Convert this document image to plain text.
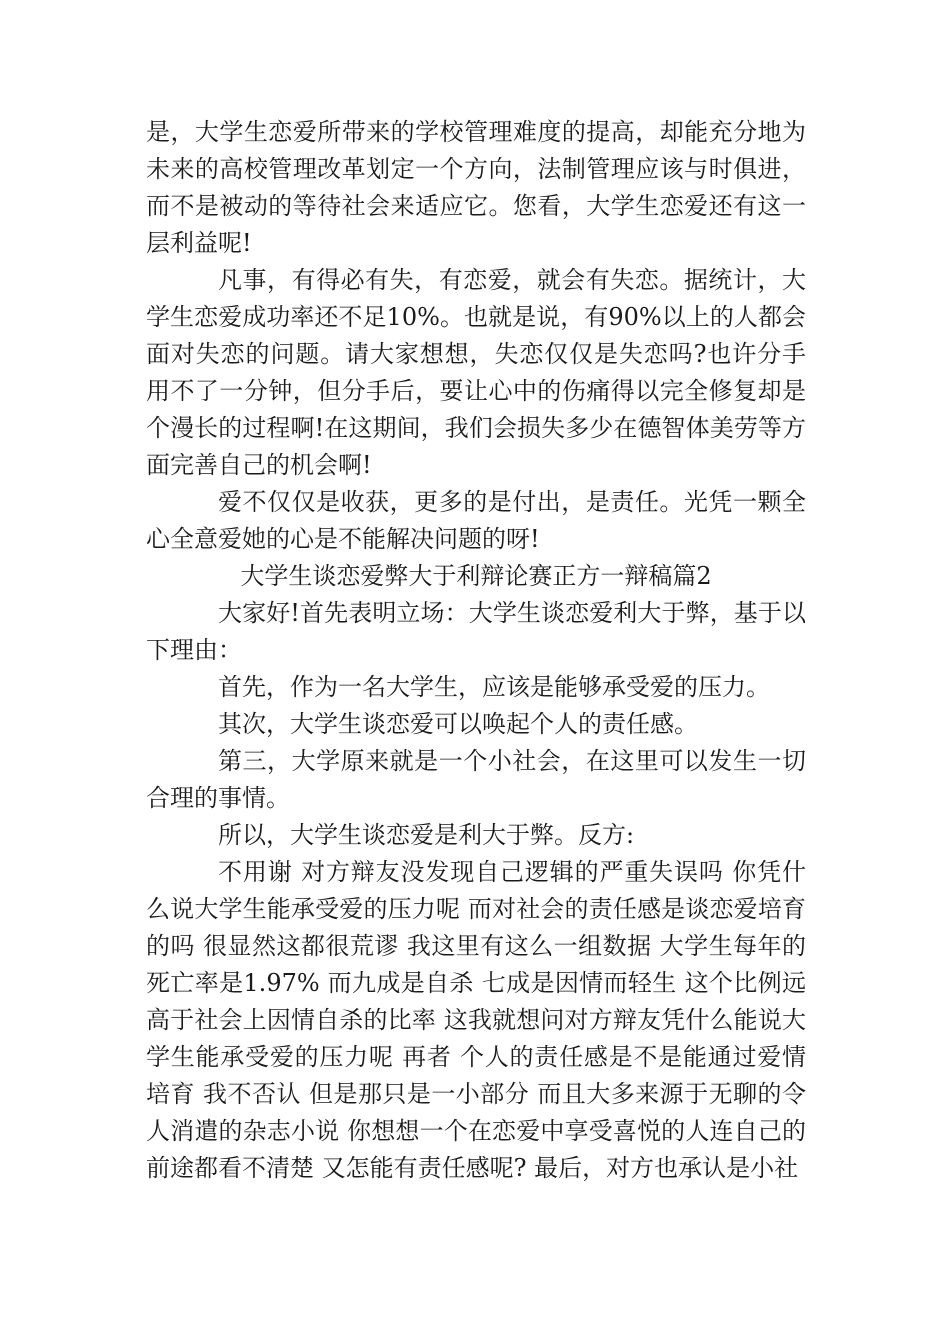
是，大学生恋爱所带来的学校管理难度的提高，却能充分地为未来的高校管理改革划定一个方向，法制管理应该与时俱进，而不是被动的等待社会来适应它。您看，大学生恋爱还有这一层利益呢!

凡事，有得必有失，有恋爱，就会有失恋。据统计，大学生恋爱成功率还不足10%。也就是说，有90%以上的人都会面对失恋的问题。请大家想想，失恋仅仅是失恋吗?也许分手用不了一分钟，但分手后，要让心中的伤痛得以完全修复却是个漫长的过程啊!在这期间，我们会损失多少在德智体美劳等方面完善自己的机会啊!

爱不仅仅是收获，更多的是付出，是责任。光凭一颗全心全意爱她的心是不能解决问题的呀!

大学生谈恋爱弊大于利辩论赛正方一辩稿篇2

大家好!首先表明立场：大学生谈恋爱利大于弊，基于以下理由：

首先，作为一名大学生，应该是能够承受爱的压力。

其次，大学生谈恋爱可以唤起个人的责任感。

第三，大学原来就是一个小社会，在这里可以发生一切合理的事情。

所以，大学生谈恋爱是利大于弊。反方:

不用谢 对方辩友没发现自己逻辑的严重失误吗 你凭什么说大学生能承受爱的压力呢 而对社会的责任感是谈恋爱培育的吗 很显然这都很荒谬 我这里有这么一组数据 大学生每年的死亡率是1.97% 而九成是自杀 七成是因情而轻生 这个比例远高于社会上因情自杀的比率 这我就想问对方辩友凭什么能说大学生能承受爱的压力呢 再者 个人的责任感是不是能通过爱情培育 我不否认 但是那只是一小部分 而且大多来源于无聊的令人消遣的杂志小说 你想想一个在恋爱中享受喜悦的人连自己的前途都看不清楚 又怎能有责任感呢? 最后，对方也承认是小社
